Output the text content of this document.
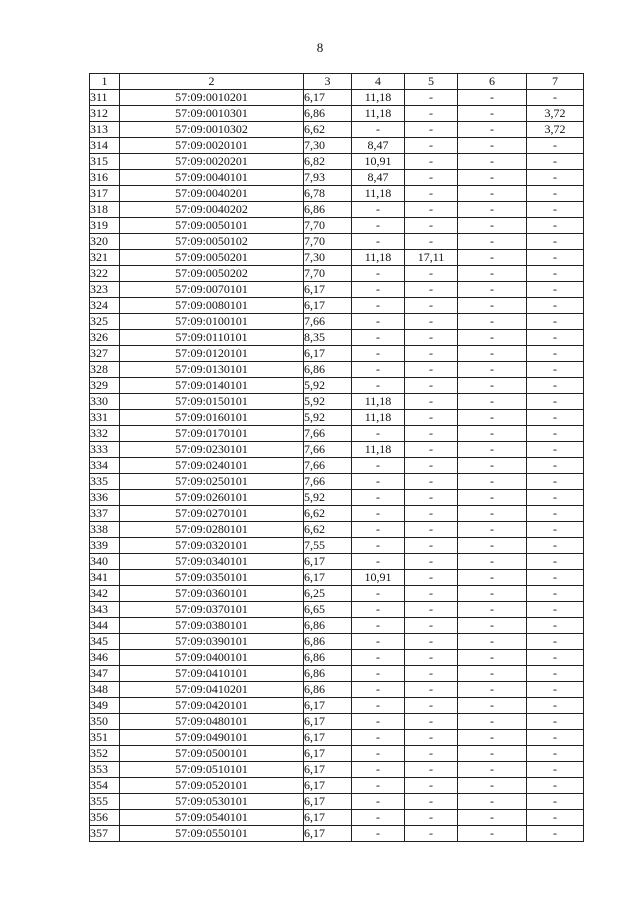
8
1	2	3	4	5	6	7
311	57:09:0010201	6,17	11,18	-	-	-
312	57:09:0010301	6,86	11,18	-	-	3,72
313	57:09:0010302	6,62	-	-	-	3,72
314	57:09:0020101	7,30	8,47	-	-	-
315	57:09:0020201	6,82	10,91	-	-	-
316	57:09:0040101	7,93	8,47	-	-	-
317	57:09:0040201	6,78	11,18	-	-	-
318	57:09:0040202	6,86	-	-	-	-
319	57:09:0050101	7,70	-	-	-	-
320	57:09:0050102	7,70	-	-	-	-
321	57:09:0050201	7,30	11,18	17,11	-	-
322	57:09:0050202	7,70	-	-	-	-
323	57:09:0070101	6,17	-	-	-	-
324	57:09:0080101	6,17	-	-	-	-
325	57:09:0100101	7,66	-	-	-	-
326	57:09:0110101	8,35	-	-	-	-
327	57:09:0120101	6,17	-	-	-	-
328	57:09:0130101	6,86	-	-	-	-
329	57:09:0140101	5,92	-	-	-	-
330	57:09:0150101	5,92	11,18	-	-	-
331	57:09:0160101	5,92	11,18	-	-	-
332	57:09:0170101	7,66	-	-	-	-
333	57:09:0230101	7,66	11,18	-	-	-
334	57:09:0240101	7,66	-	-	-	-
335	57:09:0250101	7,66	-	-	-	-
336	57:09:0260101	5,92	-	-	-	-
337	57:09:0270101	6,62	-	-	-	-
338	57:09:0280101	6,62	-	-	-	-
339	57:09:0320101	7,55	-	-	-	-
340	57:09:0340101	6,17	-	-	-	-
341	57:09:0350101	6,17	10,91	-	-	-
342	57:09:0360101	6,25	-	-	-	-
343	57:09:0370101	6,65	-	-	-	-
344	57:09:0380101	6,86	-	-	-	-
345	57:09:0390101	6,86	-	-	-	-
346	57:09:0400101	6,86	-	-	-	-
347	57:09:0410101	6,86	-	-	-	-
348	57:09:0410201	6,86	-	-	-	-
349	57:09:0420101	6,17	-	-	-	-
350	57:09:0480101	6,17	-	-	-	-
351	57:09:0490101	6,17	-	-	-	-
352	57:09:0500101	6,17	-	-	-	-
353	57:09:0510101	6,17	-	-	-	-
354	57:09:0520101	6,17	-	-	-	-
355	57:09:0530101	6,17	-	-	-	-
356	57:09:0540101	6,17	-	-	-	-
357	57:09:0550101	6,17	-	-	-	-
